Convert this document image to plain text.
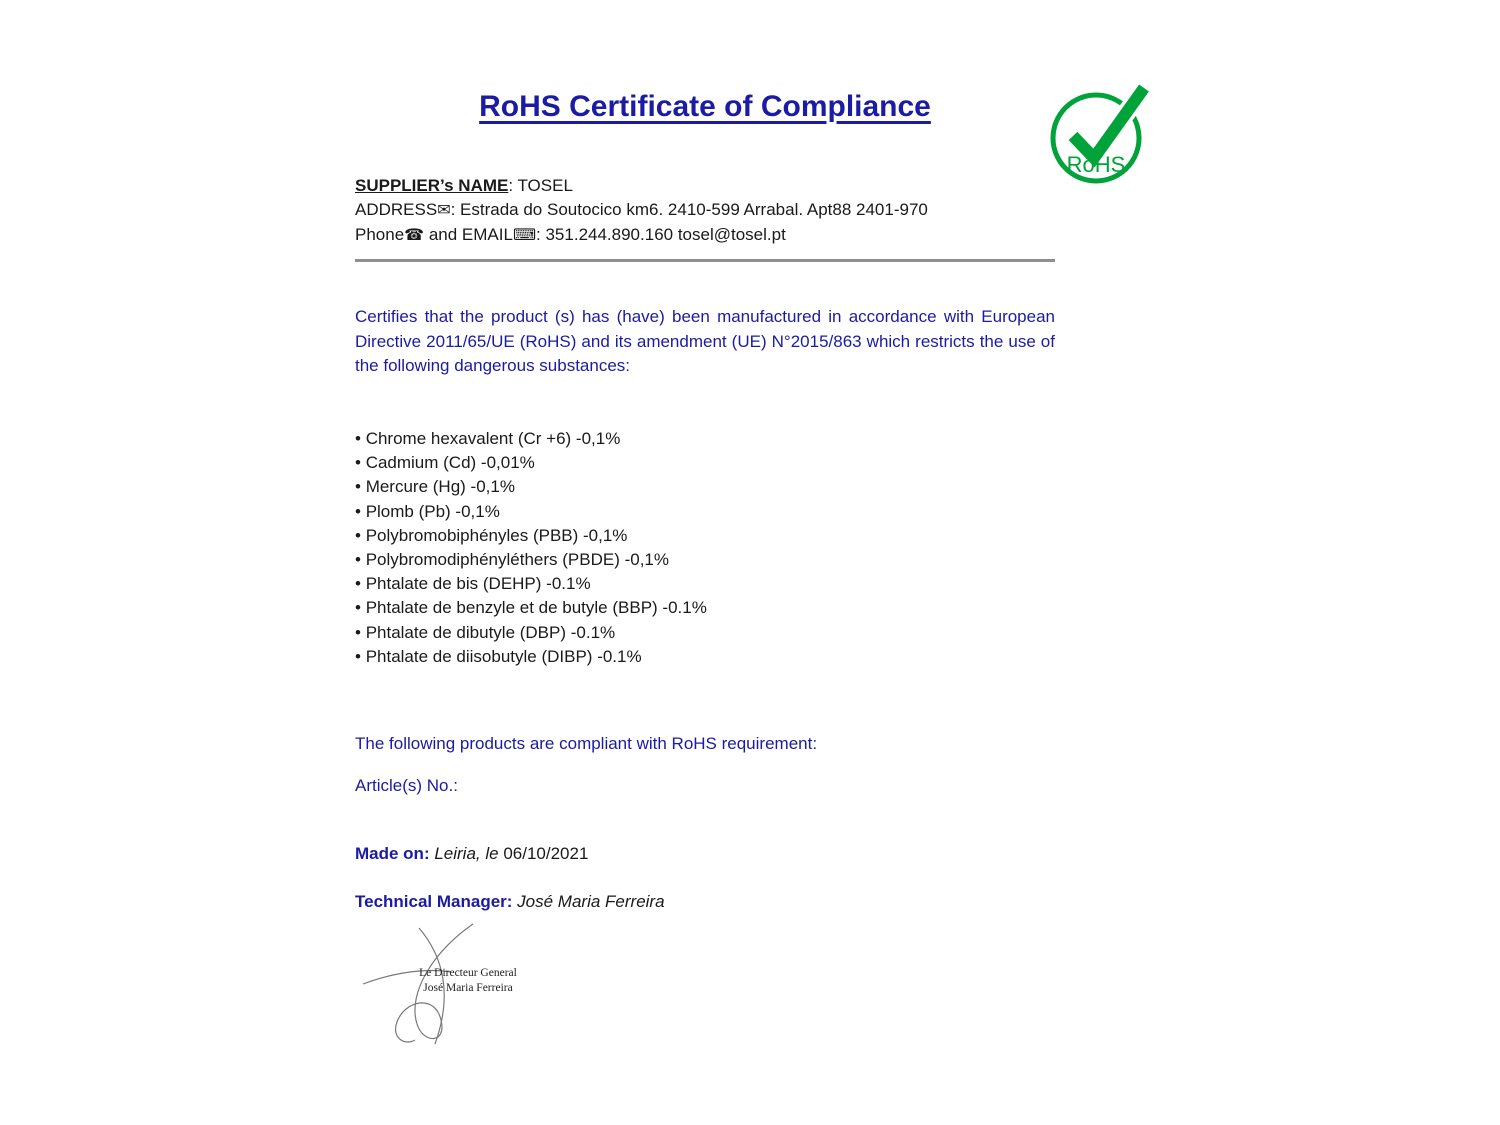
RoHS Certificate of Compliance
SUPPLIER’s NAME: TOSEL
ADDRESS✉: Estrada do Soutocico km6. 2410-599 Arrabal. Apt88 2401-970
Phone☎ and EMAIL⌨: 351.244.890.160 tosel@tosel.pt

Certifies that the product (s) has (have) been manufactured in accordance with European Directive 2011/65/UE (RoHS) and its amendment (UE) N°2015/863 which restricts the use of the following dangerous substances:

• Chrome hexavalent (Cr +6) -0,1%
• Cadmium (Cd) -0,01%
• Mercure (Hg) -0,1%
• Plomb (Pb) -0,1%
• Polybromobiphényles (PBB) -0,1%
• Polybromodiphényléthers (PBDE) -0,1%
• Phtalate de bis (DEHP) -0.1%
• Phtalate de benzyle et de butyle (BBP) -0.1%
• Phtalate de dibutyle (DBP) -0.1%
• Phtalate de diisobutyle (DIBP) -0.1%

The following products are compliant with RoHS requirement:

Article(s) No.:

Made on: Leiria, le 06/10/2021
Technical Manager: José Maria Ferreira
RoHS
Le Directeur General
José Maria Ferreira
